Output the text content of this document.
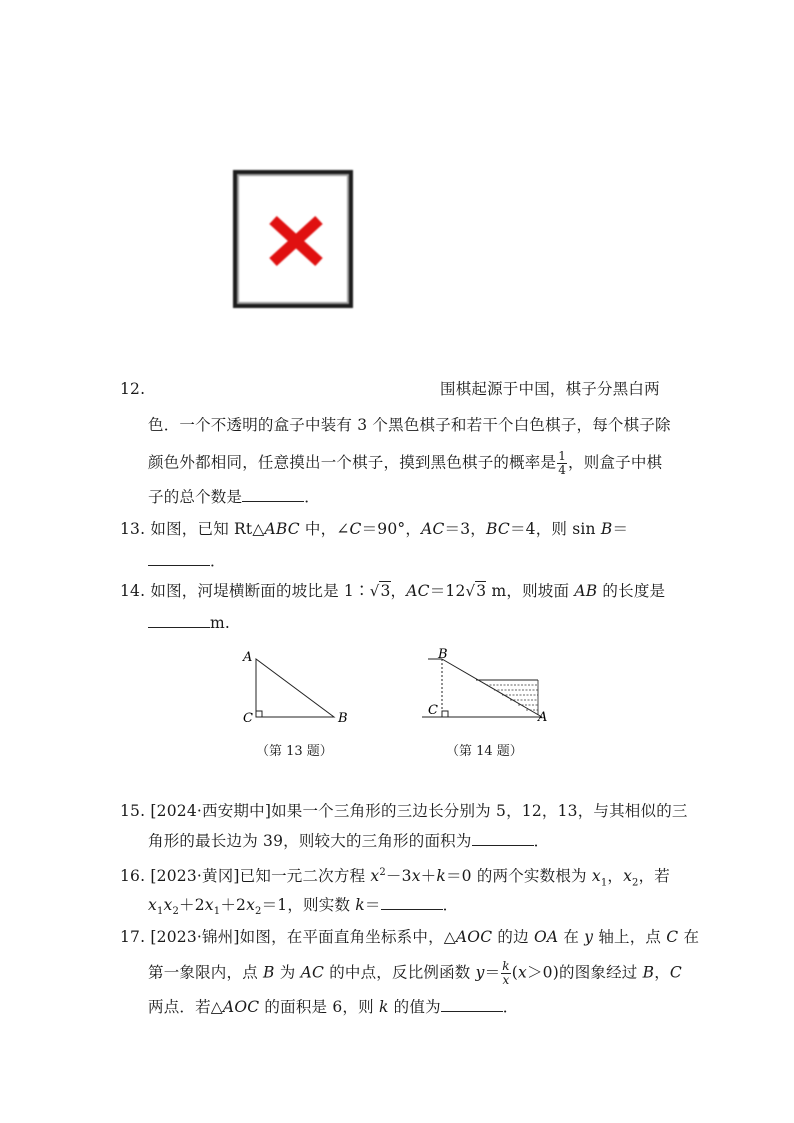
12.	围棋起源于中国，棋子分黑白两
色．一个不透明的盒子中装有 3 个黑色棋子和若干个白色棋子，每个棋子除
颜色外都相同，任意摸出一个棋子，摸到黑色棋子的概率是 $\frac{1}{4}$ ，则盒子中棋
子的总个数是	．
13. 如图，已知 Rt△ABC 中，∠C＝90°，AC＝3，BC＝4，则 sin B＝
．
14. 如图，河堤横断面的坡比是 1∶√3，AC＝12√3 m，则坡面 AB 的长度是
m.
A
C	B
（第 13 题）
B
C	A
（第 14 题）
15. [2024·西安期中]如果一个三角形的三边长分别为 5，12，13，与其相似的三
角形的最长边为 39，则较大的三角形的面积为	．
16. [2023·黄冈]已知一元二次方程 $x^2-3x+k=0$ 的两个实数根为 $x_1$，$x_2$，若
$x_1x_2+2x_1+2x_2=1$，则实数 k＝	．
17. [2023·锦州]如图，在平面直角坐标系中，△AOC 的边 OA 在 y 轴上，点 C 在
第一象限内，点 B 为 AC 的中点，反比例函数 $y= \frac{k}{x} (x>0)$的图象经过 B，C
两点．若△AOC 的面积是 6，则 k 的值为	．
